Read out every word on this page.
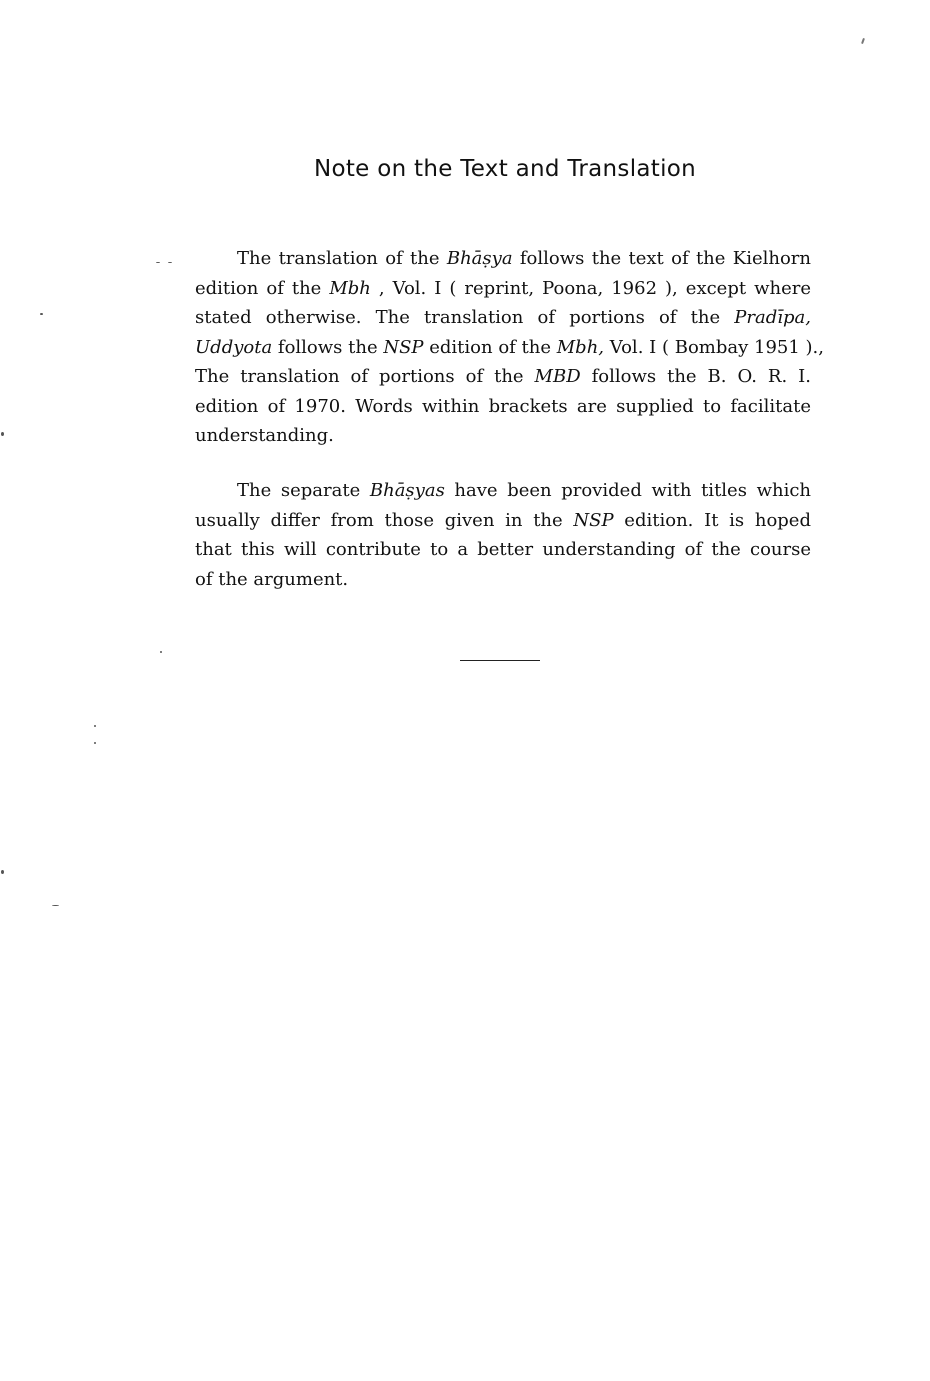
Note on the Text and Translation
The translation of the Bhāṣya follows the text of the Kielhorn
edition of the Mbh , Vol. I ( reprint, Poona, 1962 ), except where
stated otherwise. The translation of portions of the Pradīpa,
Uddyota follows the NSP edition of the Mbh, Vol. I ( Bombay 1951 ).,
The translation of portions of the MBD follows the B. O. R. I.
edition of 1970. Words within brackets are supplied to facilitate
understanding.
The separate Bhāṣyas have been provided with titles which
usually differ from those given in the NSP edition. It is hoped
that this will contribute to a better understanding of the course
of the argument.
